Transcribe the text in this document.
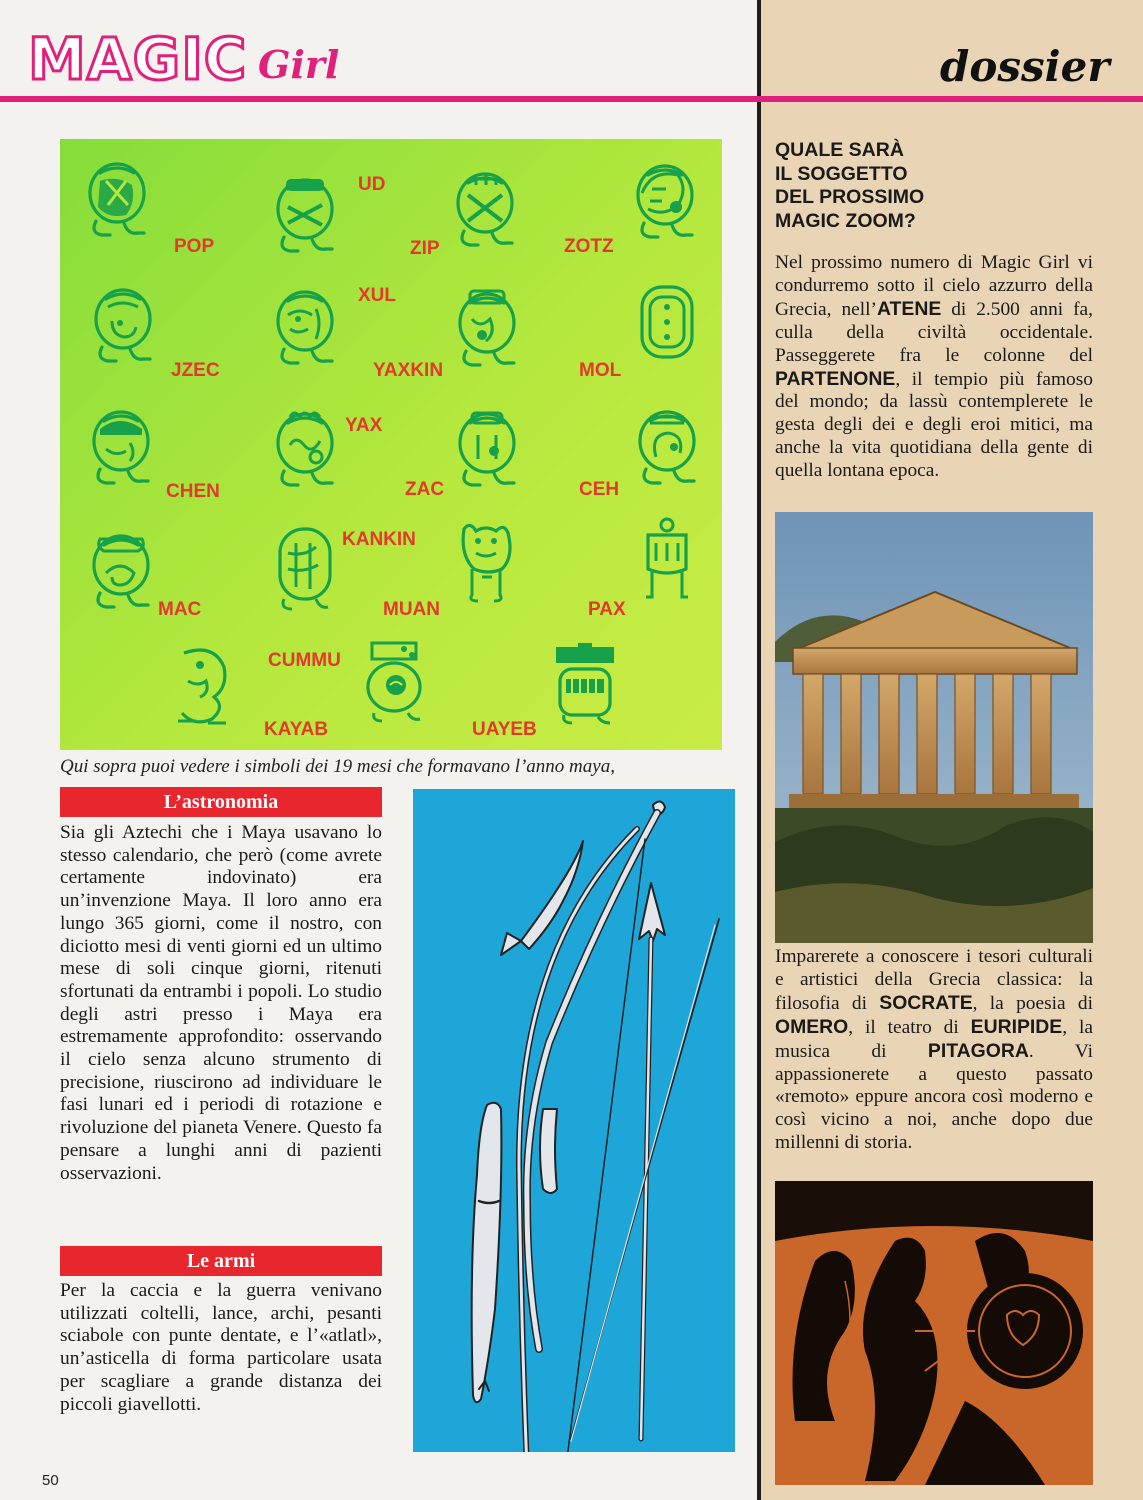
MAGIC Girl	dossier
POP
UD
ZIP	ZOTZ
JZEC
XUL
YAXKIN	MOL
CHEN
YAX
ZAC	CEH
MAC
KANKIN
MUAN	PAX
KAYAB
CUMMU
UAYEB
Qui sopra puoi vedere i simboli dei 19 mesi che formavano l’anno maya,
L’astronomia
Sia gli Aztechi che i Maya usavano lo stesso calendario, che però (come avrete certamente indovinato) era un’invenzione Maya. Il loro anno era lungo 365 giorni, come il nostro, con diciotto mesi di venti giorni ed un ultimo mese di soli cinque giorni, ritenuti sfortunati da entrambi i popoli. Lo studio degli astri presso i Maya era estremamente approfondito: osservando il cielo senza alcuno strumento di precisione, riuscirono ad individuare le fasi lunari ed i periodi di rotazione e rivoluzione del pianeta Venere. Questo fa pensare a lunghi anni di pazienti osservazioni.
Le armi
Per la caccia e la guerra venivano utilizzati coltelli, lance, archi, pesanti sciabole con punte dentate, e l’«atlatl», un’asticella di forma particolare usata per scagliare a grande distanza dei piccoli giavellotti.
50
QUALE SARÀ
IL SOGGETTO
DEL PROSSIMO
MAGIC ZOOM?
Nel prossimo numero di Magic Girl vi condurremo sotto il cielo azzurro della Grecia, nell’ATENE di 2.500 anni fa, culla della civiltà occidentale. Passeggerete fra le colonne del PARTENONE, il tempio più famoso del mondo; da lassù contemplerete le gesta degli dei e degli eroi mitici, ma anche la vita quotidiana della gente di quella lontana epoca.
Imparerete a conoscere i tesori culturali e artistici della Grecia classica: la filosofia di SOCRATE, la poesia di OMERO, il teatro di EURIPIDE, la musica di PITAGORA. Vi appassionerete a questo passato «remoto» eppure ancora così moderno e così vicino a noi, anche dopo due millenni di storia.
